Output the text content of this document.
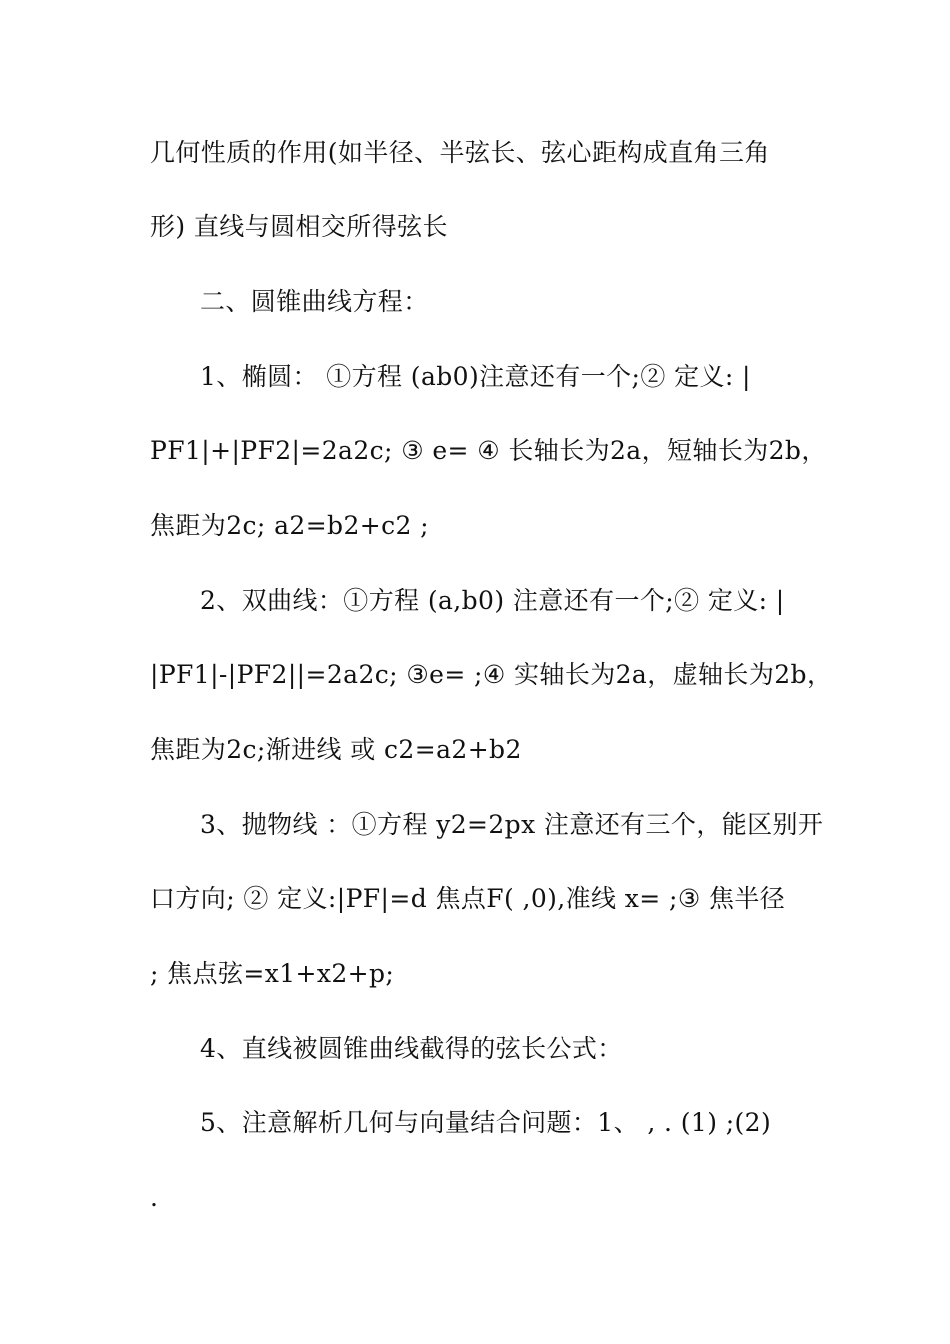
几何性质的作用(如半径、半弦长、弦心距构成直角三角
形) 直线与圆相交所得弦长
二、圆锥曲线方程：
1、椭圆： ①方程 (ab0)注意还有一个;② 定义: |
PF1|+|PF2|=2a2c; ③ e= ④ 长轴长为2a，短轴长为2b，
焦距为2c; a2=b2+c2 ;
2、双曲线：①方程 (a,b0) 注意还有一个;② 定义: |
|PF1|-|PF2||=2a2c; ③e= ;④ 实轴长为2a，虚轴长为2b，
焦距为2c;渐进线 或 c2=a2+b2
3、抛物线 ：①方程 y2=2px 注意还有三个，能区别开
口方向; ② 定义:|PF|=d 焦点F( ,0),准线 x= ;③ 焦半径
; 焦点弦=x1+x2+p;
4、直线被圆锥曲线截得的弦长公式：
5、注意解析几何与向量结合问题：1、 , . (1) ;(2)
.
